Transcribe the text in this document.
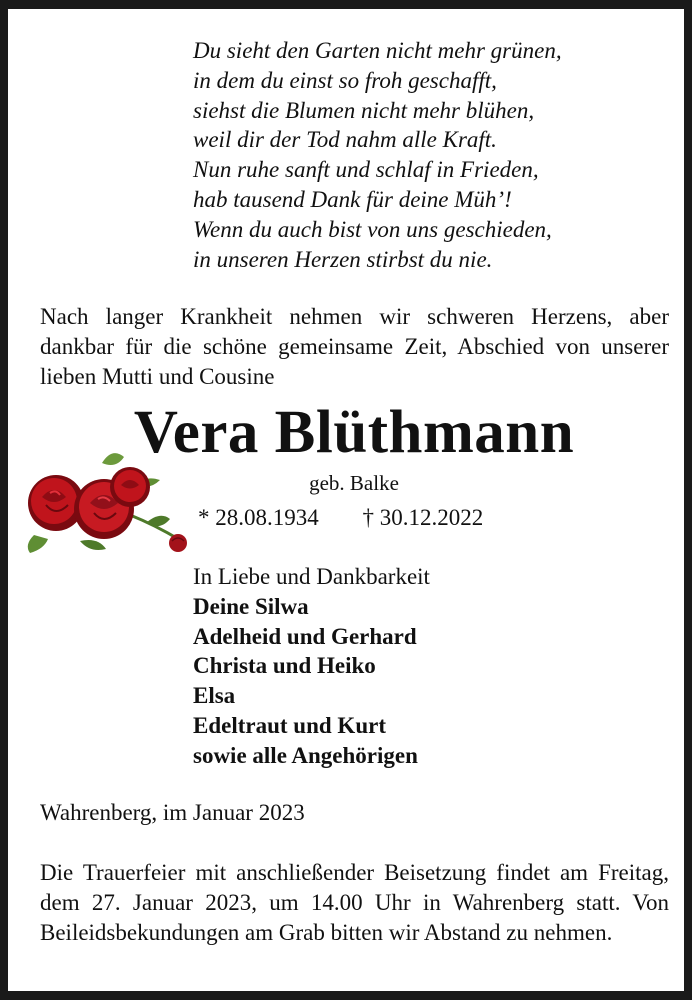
Du sieht den Garten nicht mehr grünen,
in dem du einst so froh geschafft,
siehst die Blumen nicht mehr blühen,
weil dir der Tod nahm alle Kraft.
Nun ruhe sanft und schlaf in Frieden,
hab tausend Dank für deine Müh’!
Wenn du auch bist von uns geschieden,
in unseren Herzen stirbst du nie.
Nach langer Krankheit nehmen wir schweren Herzens, aber dankbar für die schöne gemeinsame Zeit, Abschied von unserer lieben Mutti und Cousine
Vera Blüthmann
geb. Balke
* 28.08.1934 † 30.12.2022
In Liebe und Dankbarkeit
Deine Silwa
Adelheid und Gerhard
Christa und Heiko
Elsa
Edeltraut und Kurt
sowie alle Angehörigen
Wahrenberg, im Januar 2023
Die Trauerfeier mit anschließender Beisetzung findet am Freitag, dem 27. Januar 2023, um 14.00 Uhr in Wahrenberg statt. Von Beileidsbekundungen am Grab bitten wir Abstand zu nehmen.
